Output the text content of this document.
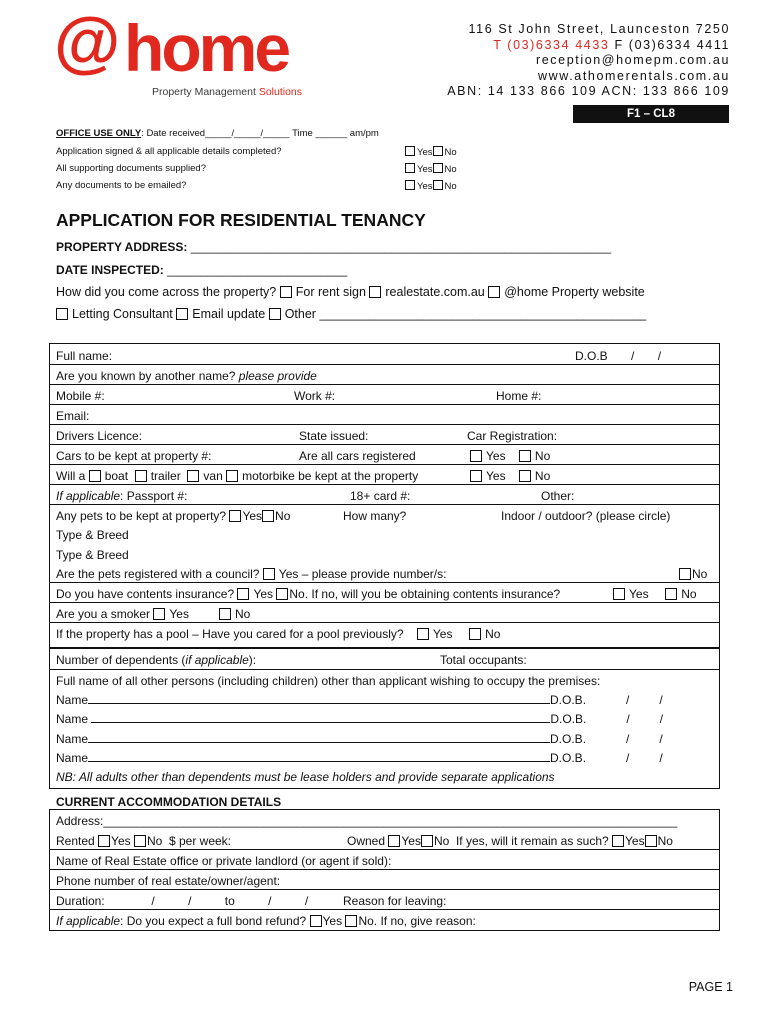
@ home
Property Management Solutions
116 St John Street, Launceston 7250
T (03)6334 4433 F (03)6334 4411
reception@homepm.com.au
www.athomerentals.com.au
ABN: 14 133 866 109 ACN: 133 866 109
F1 – CL8
OFFICE USE ONLY: Date received_____/_____/_____ Time ______ am/pm
Application signed & all applicable details completed?	Yes No
All supporting documents supplied?	Yes No
Any documents to be emailed?	Yes No
APPLICATION FOR RESIDENTIAL TENANCY
PROPERTY ADDRESS: _______________________________________________________________
DATE INSPECTED: ___________________________
How did you come across the property? For rent sign realestate.com.au @home Property website
Letting Consultant Email update Other _______________________________________________
Full name:	D.O.B / /
Are you known by another name? please provide
Mobile #:	Work #:	Home #:
Email:
Drivers Licence:	State issued:	Car Registration:
Cars to be kept at property #:	Are all cars registered	Yes No
Will a boat trailer van motorbike be kept at the property	Yes No
If applicable: Passport #:	18+ card #:	Other:
Any pets to be kept at property? Yes No	How many?	Indoor / outdoor? (please circle)
Type & Breed
Type & Breed
Are the pets registered with a council? Yes – please provide number/s:	No
Do you have contents insurance? Yes No. If no, will you be obtaining contents insurance?	Yes	No
Are you a smoker Yes	No
If the property has a pool – Have you cared for a pool previously? Yes	No
Number of dependents (if applicable):	Total occupants:
Full name of all other persons (including children) other than applicant wishing to occupy the premises:
Name	D.O.B.	/	/
Name	D.O.B.	/	/
Name	D.O.B.	/	/
Name	D.O.B.	/	/
NB: All adults other than dependents must be lease holders and provide separate applications
CURRENT ACCOMMODATION DETAILS
Address:______________________________________________________________________________________
Rented Yes No $ per week:	Owned Yes No If yes, will it remain as such? Yes No
Name of Real Estate office or private landlord (or agent if sold):
Phone number of real estate/owner/agent:
Duration:	/	/	to	/	/	Reason for leaving:
If applicable: Do you expect a full bond refund? Yes No. If no, give reason:
PAGE 1
